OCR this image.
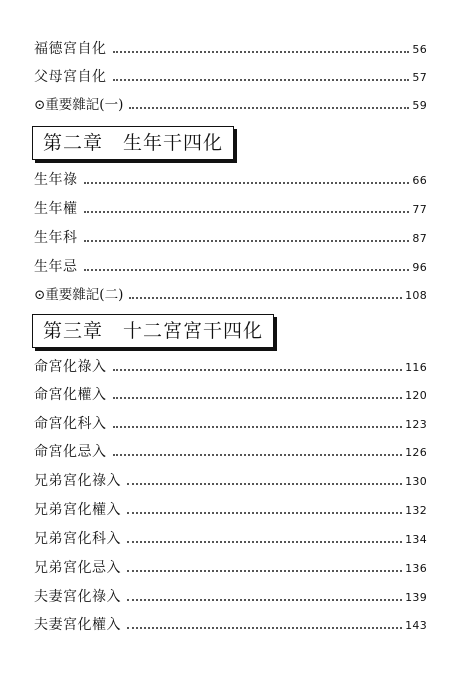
福德宮自化	56
父母宮自化	57
⊙重要雜記(一)	59
第二章　生年干四化
生年祿	66
生年權	77
生年科	87
生年忌	96
⊙重要雜記(二)	108
第三章　十二宮宮干四化
命宮化祿入	116
命宮化權入	120
命宮化科入	123
命宮化忌入	126
兄弟宮化祿入	130
兄弟宮化權入	132
兄弟宮化科入	134
兄弟宮化忌入	136
夫妻宮化祿入	139
夫妻宮化權入	143
